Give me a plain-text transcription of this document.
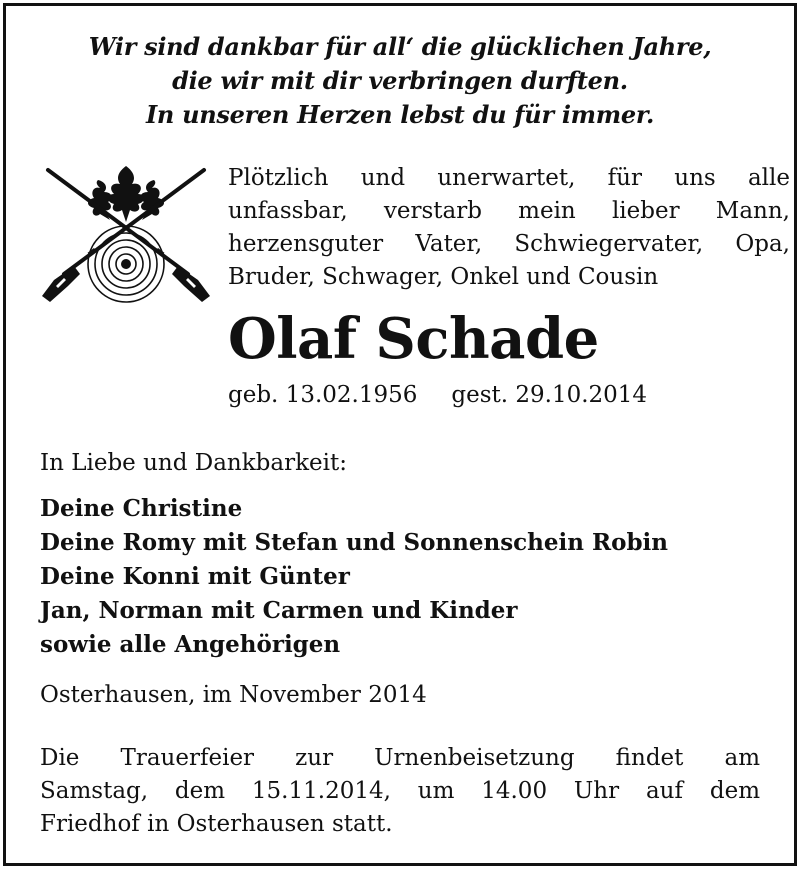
Wir sind dankbar für all‘ die glücklichen Jahre,
die wir mit dir verbringen durften.
In unseren Herzen lebst du für immer.
Plötzlich und unerwartet, für uns alle
unfassbar, verstarb mein lieber Mann,
herzensguter Vater, Schwiegervater, Opa,
Bruder, Schwager, Onkel und Cousin
Olaf Schade
geb. 13.02.1956 gest. 29.10.2014
In Liebe und Dankbarkeit:
Deine Christine
Deine Romy mit Stefan und Sonnenschein Robin
Deine Konni mit Günter
Jan, Norman mit Carmen und Kinder
sowie alle Angehörigen
Osterhausen, im November 2014
Die Trauerfeier zur Urnenbeisetzung findet am
Samstag, dem 15.11.2014, um 14.00 Uhr auf dem
Friedhof in Osterhausen statt.
